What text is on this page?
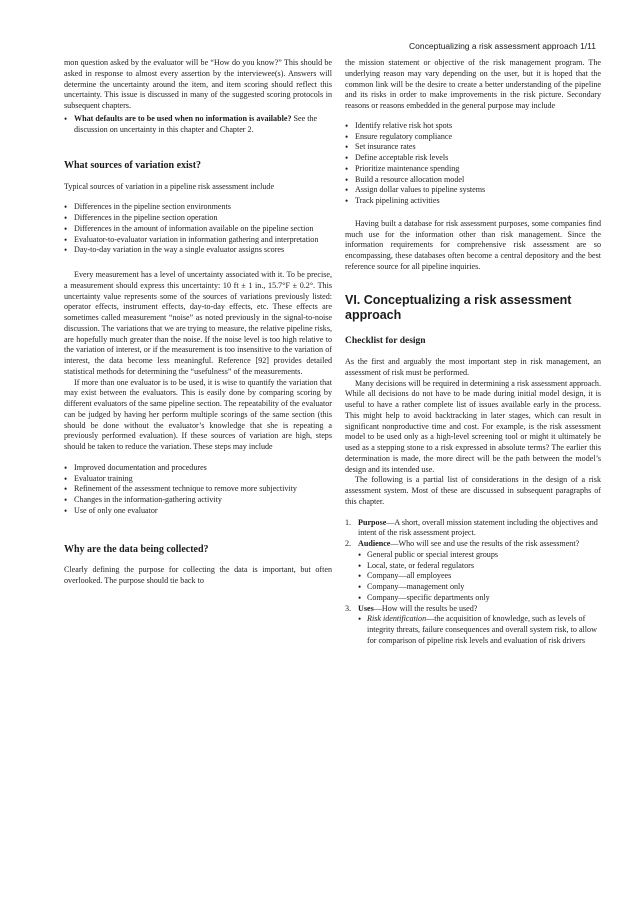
Conceptualizing a risk assessment approach 1/11

mon question asked by the evaluator will be “How do you know?” This should be asked in response to almost every assertion by the interviewee(s). Answers will determine the uncertainty around the item, and item scoring should reflect this uncertainty. This issue is discussed in many of the suggested scoring protocols in subsequent chapters.

• What defaults are to be used when no information is available? See the discussion on uncertainty in this chapter and Chapter 2.
What sources of variation exist?

Typical sources of variation in a pipeline risk assessment include

• Differences in the pipeline section environments
• Differences in the pipeline section operation
• Differences in the amount of information available on the pipeline section
• Evaluator-to-evaluator variation in information gathering and interpretation
• Day-to-day variation in the way a single evaluator assigns scores

Every measurement has a level of uncertainty associated with it. To be precise, a measurement should express this uncertainty: 10 ft ± 1 in., 15.7°F ± 0.2°. This uncertainty value represents some of the sources of variations previously listed: operator effects, instrument effects, day-to-day effects, etc. These effects are sometimes called measurement “noise” as noted previously in the signal-to-noise discussion. The variations that we are trying to measure, the relative pipeline risks, are hopefully much greater than the noise. If the noise level is too high relative to the variation of interest, or if the measurement is too insensitive to the variation of interest, the data become less meaningful. Reference [92] provides detailed statistical methods for determining the “usefulness” of the measurements.

If more than one evaluator is to be used, it is wise to quantify the variation that may exist between the evaluators. This is easily done by comparing scoring by different evaluators of the same pipeline section. The repeatability of the evaluator can be judged by having her perform multiple scorings of the same section (this should be done without the evaluator’s knowledge that she is repeating a previously performed evaluation). If these sources of variation are high, steps should be taken to reduce the variation. These steps may include

• Improved documentation and procedures
• Evaluator training
• Refinement of the assessment technique to remove more subjectivity
• Changes in the information-gathering activity
• Use of only one evaluator
Why are the data being collected?

Clearly defining the purpose for collecting the data is important, but often overlooked. The purpose should tie back to

the mission statement or objective of the risk management program. The underlying reason may vary depending on the user, but it is hoped that the common link will be the desire to create a better understanding of the pipeline and its risks in order to make improvements in the risk picture. Secondary reasons or reasons embedded in the general purpose may include

• Identify relative risk hot spots
• Ensure regulatory compliance
• Set insurance rates
• Define acceptable risk levels
• Prioritize maintenance spending
• Build a resource allocation model
• Assign dollar values to pipeline systems
• Track pipelining activities

Having built a database for risk assessment purposes, some companies find much use for the information other than risk management. Since the information requirements for comprehensive risk assessment are so encompassing, these databases often become a central depository and the best reference source for all pipeline inquiries.

VI. Conceptualizing a risk assessment approach
Checklist for design

As the first and arguably the most important step in risk management, an assessment of risk must be performed.

Many decisions will be required in determining a risk assessment approach. While all decisions do not have to be made during initial model design, it is useful to have a rather complete list of issues available early in the process. This might help to avoid backtracking in later stages, which can result in significant nonproductive time and cost. For example, is the risk assessment model to be used only as a high-level screening tool or might it ultimately be used as a stepping stone to a risk expressed in absolute terms? The earlier this determination is made, the more direct will be the path between the model’s design and its intended use.

The following is a partial list of considerations in the design of a risk assessment system. Most of these are discussed in subsequent paragraphs of this chapter.

1. Purpose—A short, overall mission statement including the objectives and intent of the risk assessment project.
2. Audience—Who will see and use the results of the risk assessment?
• General public or special interest groups
• Local, state, or federal regulators
• Company—all employees
• Company—management only
• Company—specific departments only
3. Uses—How will the results be used?
• Risk identification—the acquisition of knowledge, such as levels of integrity threats, failure consequences and overall system risk, to allow for comparison of pipeline risk levels and evaluation of risk drivers
